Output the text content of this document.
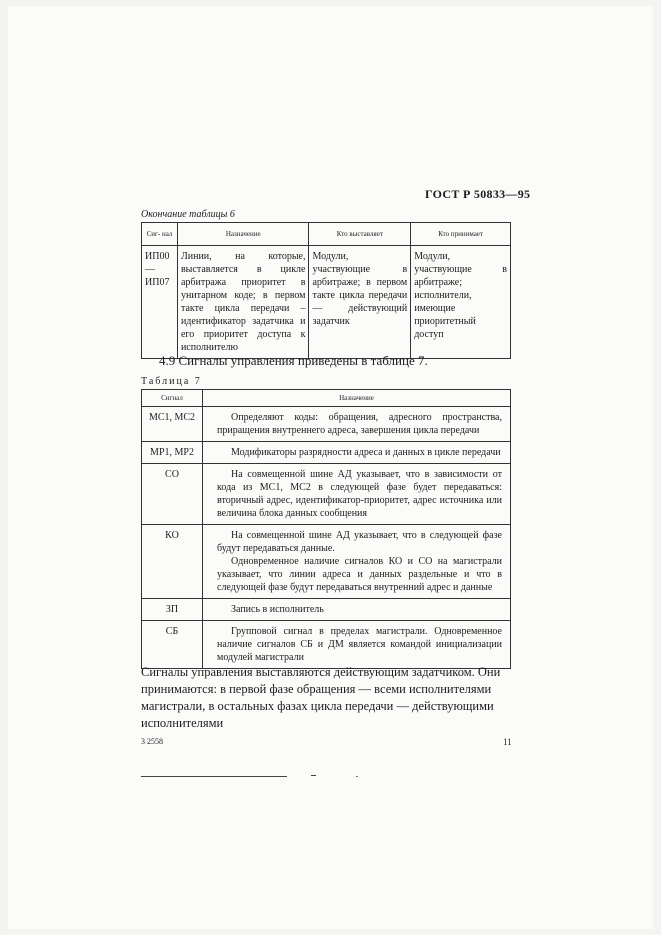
ГОСТ Р 50833—95
Окончание таблицы 6
Сиг- нал	Назначение	Кто выставляет	Кто принимает
ИП00— ИП07	Линии, на которые, выставляется в цикле арбитража приоритет в унитарном коде; в первом такте цикла передачи – идентификатор задатчика и его приоритет доступа к исполнителю	Модули, участвующие в арбитраже; в первом такте цикла передачи — действующий задатчик	Модули, участвующие в арбитраже; исполнители, имеющие приоритетный доступ
4.9 Сигналы управления приведены в таблице 7.
Таблица 7
Сигнал	Назначение
МС1, МС2	Определяют коды: обращения, адресного пространства, приращения внутреннего адреса, завершения цикла передачи

МР1, МР2	Модификаторы разрядности адреса и данных в цикле передачи

СО	На совмещенной шине АД указывает, что в зависимости от кода из МС1, МС2 в следующей фазе будет передаваться: вторичный адрес, идентификатор-приоритет, адрес источника или величина блока данных сообщения

КО	На совмещенной шине АД указывает, что в следующей фазе будут передаваться данные.

Одновременное наличие сигналов КО и СО на магистрали указывает, что линии адреса и данных раздельные и что в следующей фазе будут передаваться внутренний адрес и данные

ЗП	Запись в исполнитель

СБ	Групповой сигнал в пределах магистрали. Одновременное наличие сигналов СБ и ДМ является командой инициализации модулей магистрали

Сигналы управления выставляются действующим задатчиком. Они
принимаются: в первой фазе обращения — всеми исполнителями
магистрали, в остальных фазах цикла передачи — действующими
исполнителями
3 2558	11
